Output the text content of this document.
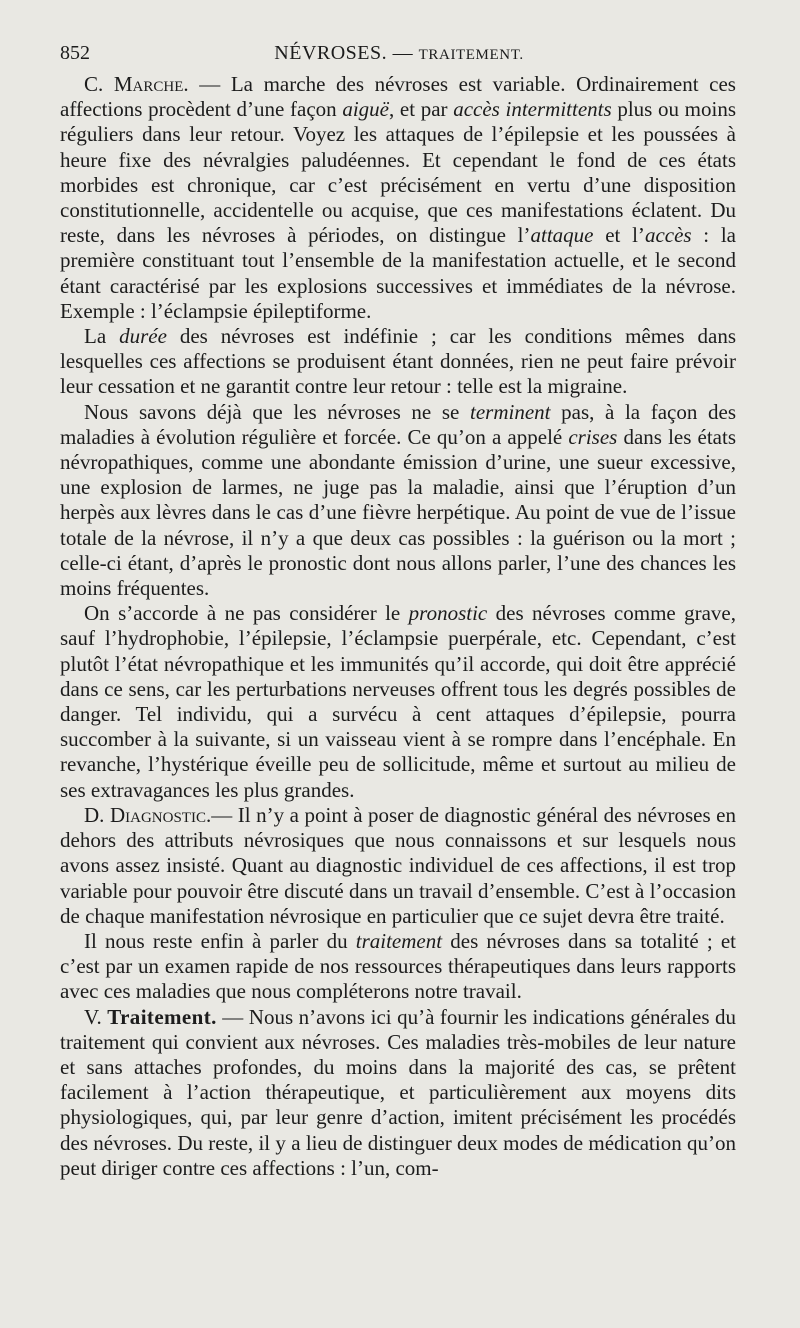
852	NÉVROSES. — TRAITEMENT.

C. Marche. — La marche des névroses est variable. Ordinairement ces affections procèdent d’une façon aiguë, et par accès intermittents plus ou moins réguliers dans leur retour. Voyez les attaques de l’épilepsie et les poussées à heure fixe des névralgies paludéennes. Et cependant le fond de ces états morbides est chronique, car c’est précisément en vertu d’une disposition constitutionnelle, accidentelle ou acquise, que ces manifestations éclatent. Du reste, dans les névroses à périodes, on distingue l’attaque et l’accès : la première constituant tout l’ensemble de la manifestation actuelle, et le second étant caractérisé par les explosions successives et immédiates de la névrose. Exemple : l’éclampsie épileptiforme.

La durée des névroses est indéfinie ; car les conditions mêmes dans lesquelles ces affections se produisent étant données, rien ne peut faire prévoir leur cessation et ne garantit contre leur retour : telle est la migraine.

Nous savons déjà que les névroses ne se terminent pas, à la façon des maladies à évolution régulière et forcée. Ce qu’on a appelé crises dans les états névropathiques, comme une abondante émission d’urine, une sueur excessive, une explosion de larmes, ne juge pas la maladie, ainsi que l’éruption d’un herpès aux lèvres dans le cas d’une fièvre herpétique. Au point de vue de l’issue totale de la névrose, il n’y a que deux cas possibles : la guérison ou la mort ; celle-ci étant, d’après le pronostic dont nous allons parler, l’une des chances les moins fréquentes.

On s’accorde à ne pas considérer le pronostic des névroses comme grave, sauf l’hydrophobie, l’épilepsie, l’éclampsie puerpérale, etc. Cependant, c’est plutôt l’état névropathique et les immunités qu’il accorde, qui doit être apprécié dans ce sens, car les perturbations nerveuses offrent tous les degrés possibles de danger. Tel individu, qui a survécu à cent attaques d’épilepsie, pourra succomber à la suivante, si un vaisseau vient à se rompre dans l’encéphale. En revanche, l’hystérique éveille peu de sollicitude, même et surtout au milieu de ses extravagances les plus grandes.

D. Diagnostic.— Il n’y a point à poser de diagnostic général des névroses en dehors des attributs névrosiques que nous connaissons et sur lesquels nous avons assez insisté. Quant au diagnostic individuel de ces affections, il est trop variable pour pouvoir être discuté dans un travail d’ensemble. C’est à l’occasion de chaque manifestation névrosique en particulier que ce sujet devra être traité.

Il nous reste enfin à parler du traitement des névroses dans sa totalité ; et c’est par un examen rapide de nos ressources thérapeutiques dans leurs rapports avec ces maladies que nous compléterons notre travail.

V. Traitement. — Nous n’avons ici qu’à fournir les indications générales du traitement qui convient aux névroses. Ces maladies très-mobiles de leur nature et sans attaches profondes, du moins dans la majorité des cas, se prêtent facilement à l’action thérapeutique, et particulièrement aux moyens dits physiologiques, qui, par leur genre d’action, imitent précisément les procédés des névroses. Du reste, il y a lieu de distinguer deux modes de médication qu’on peut diriger contre ces affections : l’un, com-
